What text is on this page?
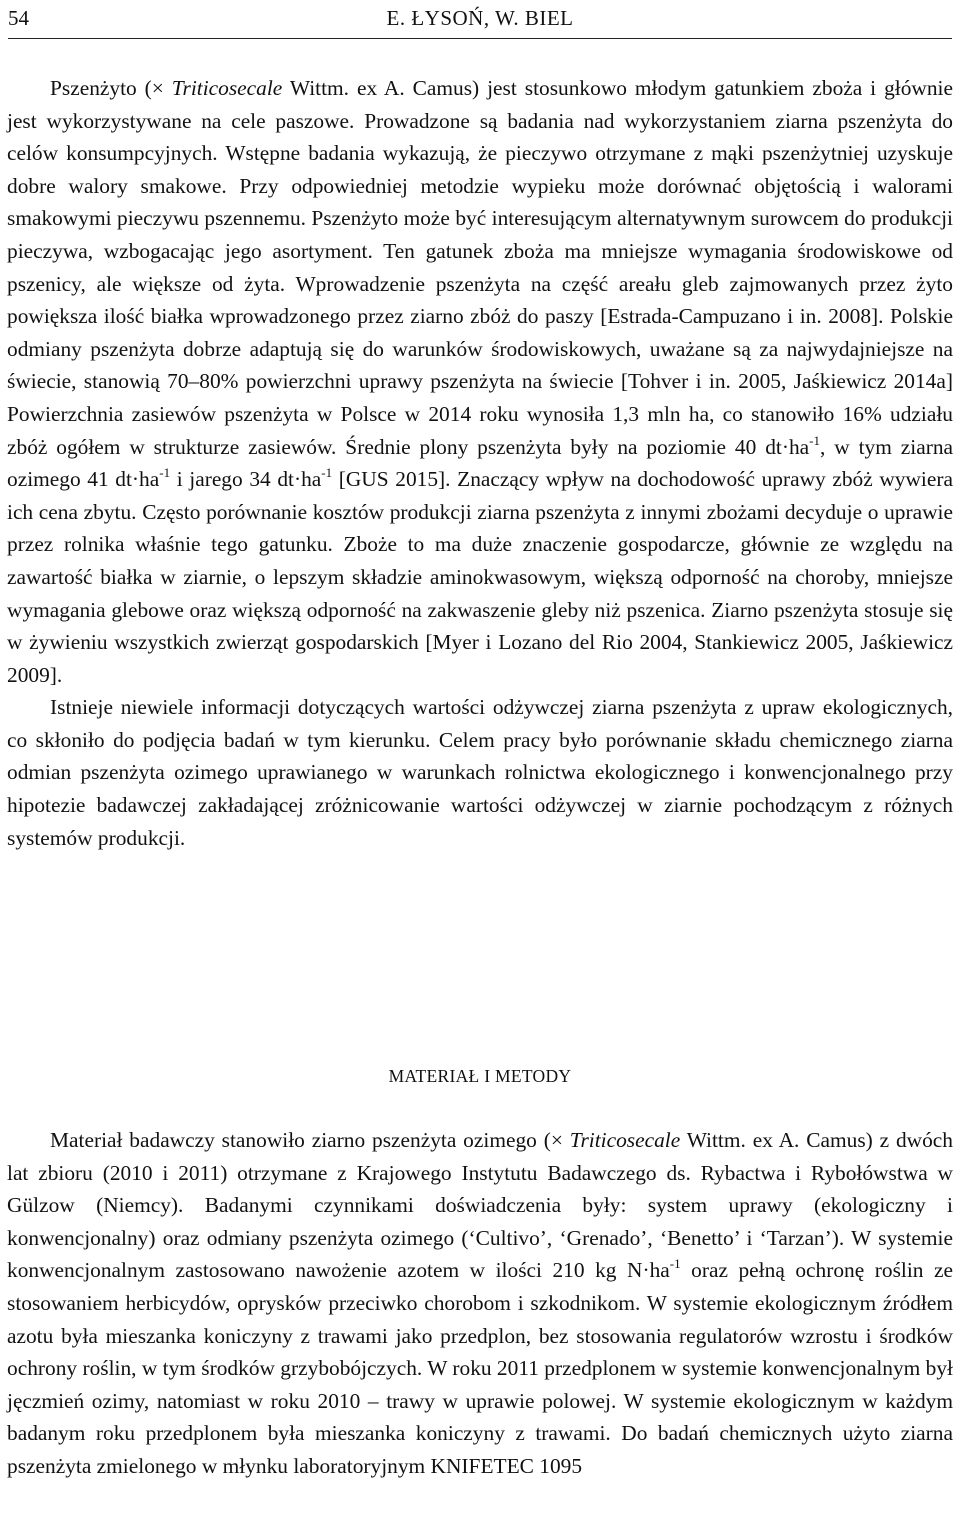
54	E. ŁYSOŃ, W. BIEL

Pszenżyto (× Triticosecale Wittm. ex A. Camus) jest stosunkowo młodym gatunkiem zboża i głównie jest wykorzystywane na cele paszowe. Prowadzone są badania nad wykorzystaniem ziarna pszenżyta do celów konsumpcyjnych. Wstępne badania wykazują, że pieczywo otrzymane z mąki pszenżytniej uzyskuje dobre walory smakowe. Przy odpowiedniej metodzie wypieku może dorównać objętością i walorami smakowymi pieczywu pszennemu. Pszenżyto może być interesującym alternatywnym surowcem do produkcji pieczywa, wzbogacając jego asortyment. Ten gatunek zboża ma mniejsze wymagania środowiskowe od pszenicy, ale większe od żyta. Wprowadzenie pszenżyta na część areału gleb zajmowanych przez żyto powiększa ilość białka wprowadzonego przez ziarno zbóż do paszy [Estrada-Campuzano i in. 2008]. Polskie odmiany pszenżyta dobrze adaptują się do warunków środowiskowych, uważane są za najwydajniejsze na świecie, stanowią 70–80% powierzchni uprawy pszenżyta na świecie [Tohver i in. 2005, Jaśkiewicz 2014a] Powierzchnia zasiewów pszenżyta w Polsce w 2014 roku wynosiła 1,3 mln ha, co stanowiło 16% udziału zbóż ogółem w strukturze zasiewów. Średnie plony pszenżyta były na poziomie 40 $dt\cdot ha^{-1}$, w tym ziarna ozimego 41 $dt\cdot ha^{-1}$ i jarego 34 $dt\cdot ha^{-1}$ [GUS 2015]. Znaczący wpływ na dochodowość uprawy zbóż wywiera ich cena zbytu. Często porównanie kosztów produkcji ziarna pszenżyta z innymi zbożami decyduje o uprawie przez rolnika właśnie tego gatunku. Zboże to ma duże znaczenie gospodarcze, głównie ze względu na zawartość białka w ziarnie, o lepszym składzie aminokwasowym, większą odporność na choroby, mniejsze wymagania glebowe oraz większą odporność na zakwaszenie gleby niż pszenica. Ziarno pszenżyta stosuje się w żywieniu wszystkich zwierząt gospodarskich [Myer i Lozano del Rio 2004, Stankiewicz 2005, Jaśkiewicz 2009].

Istnieje niewiele informacji dotyczących wartości odżywczej ziarna pszenżyta z upraw ekologicznych, co skłoniło do podjęcia badań w tym kierunku. Celem pracy było porównanie składu chemicznego ziarna odmian pszenżyta ozimego uprawianego w warunkach rolnictwa ekologicznego i konwencjonalnego przy hipotezie badawczej zakładającej zróżnicowanie wartości odżywczej w ziarnie pochodzącym z różnych systemów produkcji.

MATERIAŁ I METODY

Materiał badawczy stanowiło ziarno pszenżyta ozimego (× Triticosecale Wittm. ex A. Camus) z dwóch lat zbioru (2010 i 2011) otrzymane z Krajowego Instytutu Badawczego ds. Rybactwa i Rybołówstwa w Gülzow (Niemcy). Badanymi czynnikami doświadczenia były: system uprawy (ekologiczny i konwencjonalny) oraz odmiany pszenżyta ozimego (‘Cultivo’, ‘Grenado’, ‘Benetto’ i ‘Tarzan’). W systemie konwencjonalnym zastosowano nawożenie azotem w ilości 210 kg $N\cdot ha^{-1}$ oraz pełną ochronę roślin ze stosowaniem herbicydów, oprysków przeciwko chorobom i szkodnikom. W systemie ekologicznym źródłem azotu była mieszanka koniczyny z trawami jako przedplon, bez stosowania regulatorów wzrostu i środków ochrony roślin, w tym środków grzybobójczych. W roku 2011 przedplonem w systemie konwencjonalnym był jęczmień ozimy, natomiast w roku 2010 – trawy w uprawie polowej. W systemie ekologicznym w każdym badanym roku przedplonem była mieszanka koniczyny z trawami. Do badań chemicznych użyto ziarna pszenżyta zmielonego w młynku laboratoryjnym KNIFETEC 1095
